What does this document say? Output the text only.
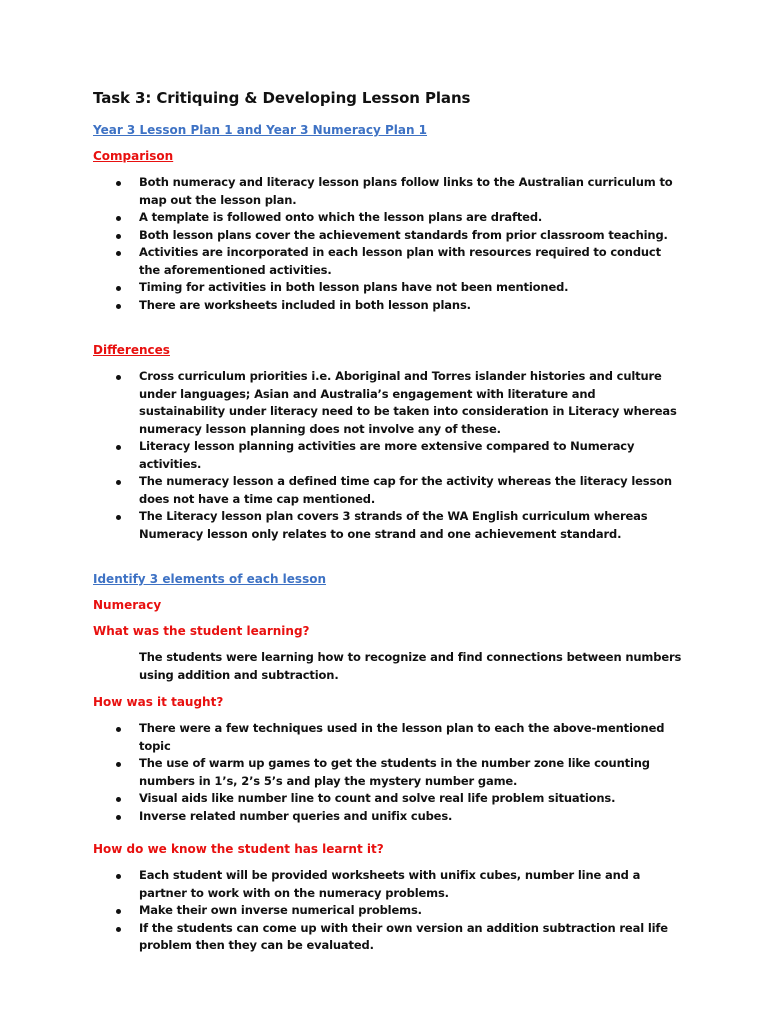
Task 3: Critiquing & Developing Lesson Plans
Year 3 Lesson Plan 1 and Year 3 Numeracy Plan 1
Comparison
Both numeracy and literacy lesson plans follow links to the Australian curriculum to map out the lesson plan.
A template is followed onto which the lesson plans are drafted.
Both lesson plans cover the achievement standards from prior classroom teaching.
Activities are incorporated in each lesson plan with resources required to conduct the aforementioned activities.
Timing for activities in both lesson plans have not been mentioned.
There are worksheets included in both lesson plans.
Differences
Cross curriculum priorities i.e. Aboriginal and Torres islander histories and culture under languages; Asian and Australia’s engagement with literature and sustainability under literacy need to be taken into consideration in Literacy whereas numeracy lesson planning does not involve any of these.
Literacy lesson planning activities are more extensive compared to Numeracy activities.
The numeracy lesson a defined time cap for the activity whereas the literacy lesson does not have a time cap mentioned.
The Literacy lesson plan covers 3 strands of the WA English curriculum whereas Numeracy lesson only relates to one strand and one achievement standard.
Identify 3 elements of each lesson
Numeracy
What was the student learning?
The students were learning how to recognize and find connections between numbers using addition and subtraction.
How was it taught?
There were a few techniques used in the lesson plan to each the above-mentioned topic
The use of warm up games to get the students in the number zone like counting numbers in 1’s, 2’s 5’s and play the mystery number game.
Visual aids like number line to count and solve real life problem situations.
Inverse related number queries and unifix cubes.
How do we know the student has learnt it?
Each student will be provided worksheets with unifix cubes, number line and a partner to work with on the numeracy problems.
Make their own inverse numerical problems.
If the students can come up with their own version an addition subtraction real life problem then they can be evaluated.
